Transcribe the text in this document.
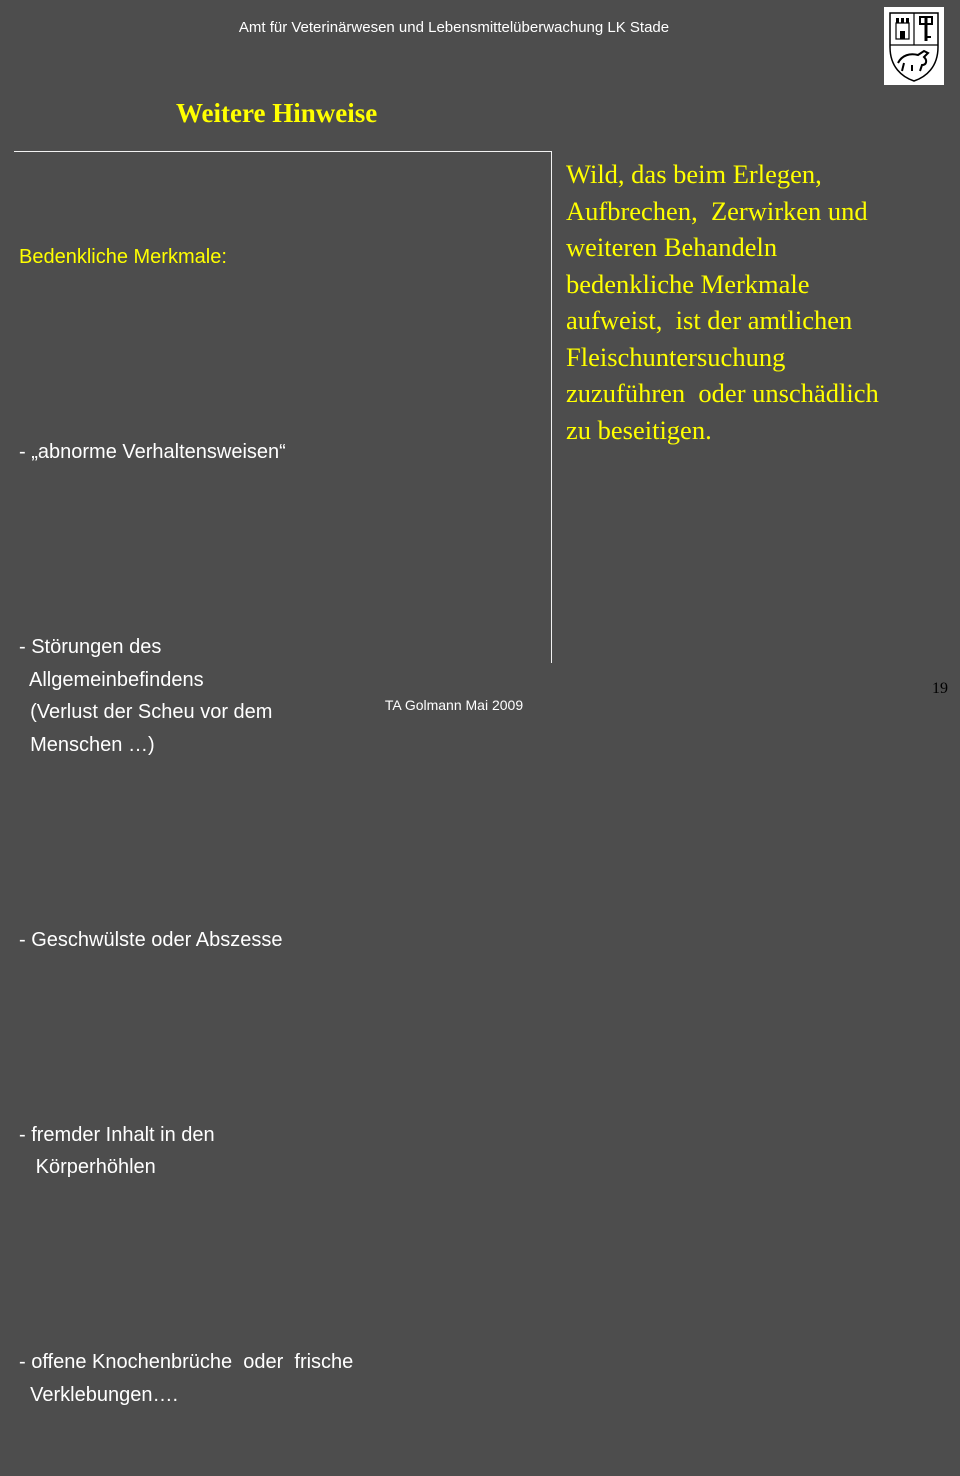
Amt für Veterinärwesen und Lebensmittelüberwachung LK Stade
Weitere Hinweise

Bedenkliche Merkmale:

- „abnorme Verhaltensweisen“

- Störungen des
Allgemeinbefindens
(Verlust der Scheu vor dem
Menschen …)

- Geschwülste oder Abszesse

- fremder Inhalt in den
Körperhöhlen

- offene Knochenbrüche  oder  frische
Verklebungen….

Wild, das beim Erlegen,
Aufbrechen,  Zerwirken und
weiteren Behandeln
bedenkliche Merkmale
aufweist,  ist der amtlichen
Fleischuntersuchung
zuzuführen  oder unschädlich
zu beseitigen.
TA Golmann Mai 2009
19
